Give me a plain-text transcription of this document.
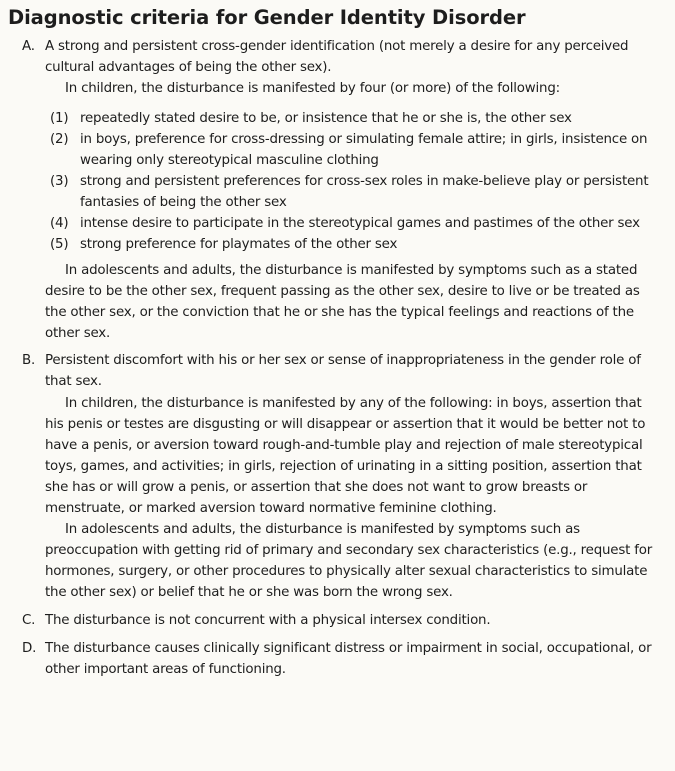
Diagnostic criteria for Gender Identity Disorder
A. A strong and persistent cross-gender identification (not merely a desire for any perceived cultural advantages of being the other sex).

In children, the disturbance is manifested by four (or more) of the following:

(1) repeatedly stated desire to be, or insistence that he or she is, the other sex
(2) in boys, preference for cross-dressing or simulating female attire; in girls, insistence on wearing only stereotypical masculine clothing
(3) strong and persistent preferences for cross-sex roles in make-believe play or persistent fantasies of being the other sex
(4) intense desire to participate in the stereotypical games and pastimes of the other sex
(5) strong preference for playmates of the other sex

In adolescents and adults, the disturbance is manifested by symptoms such as a stated desire to be the other sex, frequent passing as the other sex, desire to live or be treated as the other sex, or the conviction that he or she has the typical feelings and reactions of the other sex.

B. Persistent discomfort with his or her sex or sense of inappropriateness in the gender role of that sex.

In children, the disturbance is manifested by any of the following: in boys, assertion that his penis or testes are disgusting or will disappear or assertion that it would be better not to have a penis, or aversion toward rough-and-tumble play and rejection of male stereotypical toys, games, and activities; in girls, rejection of urinating in a sitting position, assertion that she has or will grow a penis, or assertion that she does not want to grow breasts or menstruate, or marked aversion toward normative feminine clothing.

In adolescents and adults, the disturbance is manifested by symptoms such as preoccupation with getting rid of primary and secondary sex characteristics (e.g., request for hormones, surgery, or other procedures to physically alter sexual characteristics to simulate the other sex) or belief that he or she was born the wrong sex.

C. The disturbance is not concurrent with a physical intersex condition.

D. The disturbance causes clinically significant distress or impairment in social, occupational, or other important areas of functioning.
